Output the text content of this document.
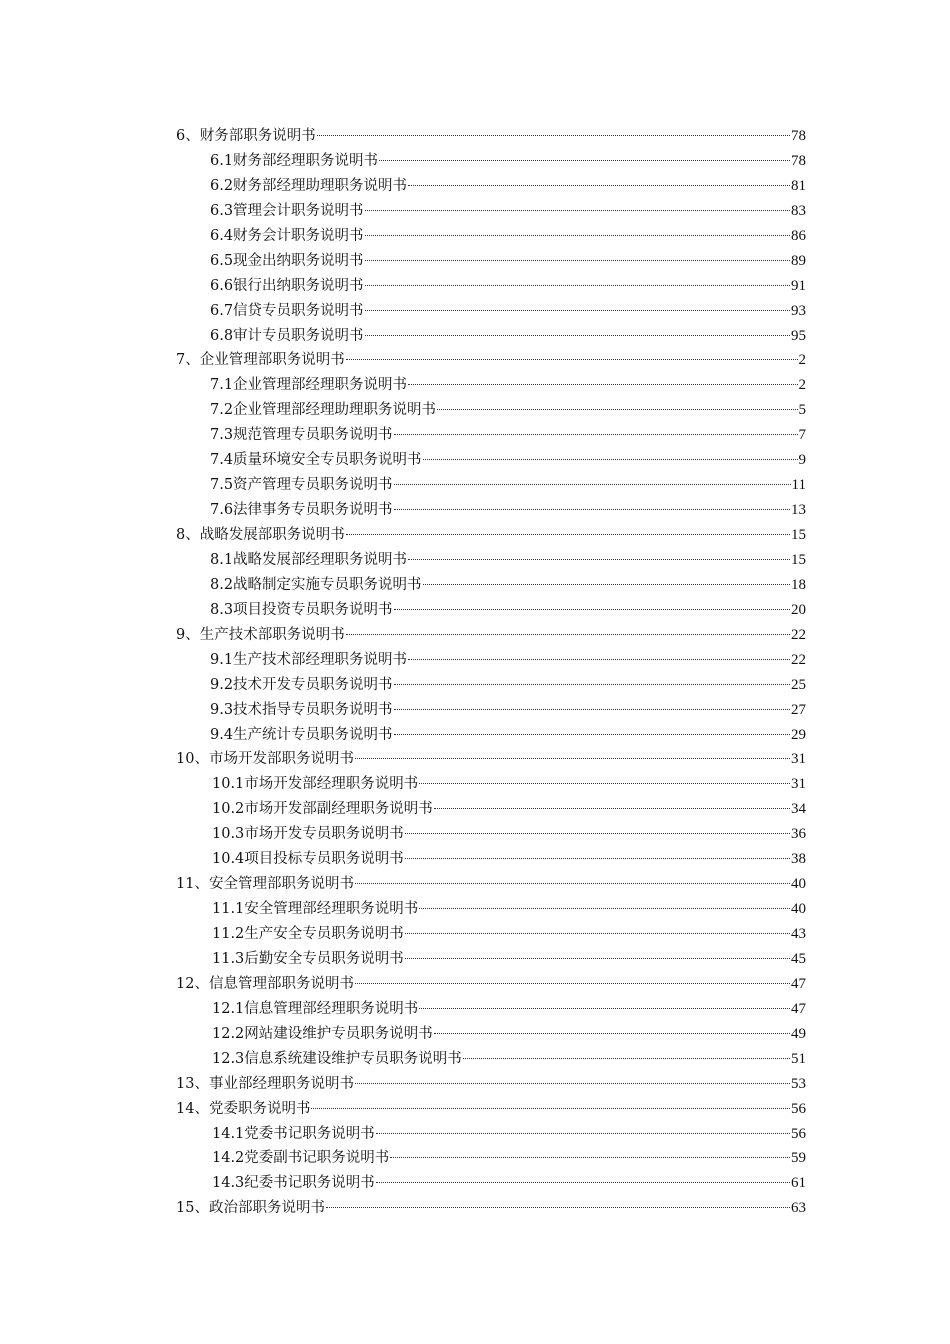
6、财务部职务说明书	78
6.1财务部经理职务说明书	78
6.2财务部经理助理职务说明书	81
6.3管理会计职务说明书	83
6.4财务会计职务说明书	86
6.5现金出纳职务说明书	89
6.6银行出纳职务说明书	91
6.7信贷专员职务说明书	93
6.8审计专员职务说明书	95
7、企业管理部职务说明书	2
7.1企业管理部经理职务说明书	2
7.2企业管理部经理助理职务说明书	5
7.3规范管理专员职务说明书	7
7.4质量环境安全专员职务说明书	9
7.5资产管理专员职务说明书	11
7.6法律事务专员职务说明书	13
8、战略发展部职务说明书	15
8.1战略发展部经理职务说明书	15
8.2战略制定实施专员职务说明书	18
8.3项目投资专员职务说明书	20
9、生产技术部职务说明书	22
9.1生产技术部经理职务说明书	22
9.2技术开发专员职务说明书	25
9.3技术指导专员职务说明书	27
9.4生产统计专员职务说明书	29
10、市场开发部职务说明书	31
10.1市场开发部经理职务说明书	31
10.2市场开发部副经理职务说明书	34
10.3市场开发专员职务说明书	36
10.4项目投标专员职务说明书	38
11、安全管理部职务说明书	40
11.1安全管理部经理职务说明书	40
11.2生产安全专员职务说明书	43
11.3后勤安全专员职务说明书	45
12、信息管理部职务说明书	47
12.1信息管理部经理职务说明书	47
12.2网站建设维护专员职务说明书	49
12.3信息系统建设维护专员职务说明书	51
13、事业部经理职务说明书	53
14、党委职务说明书	56
14.1党委书记职务说明书	56
14.2党委副书记职务说明书	59
14.3纪委书记职务说明书	61
15、政治部职务说明书	63
